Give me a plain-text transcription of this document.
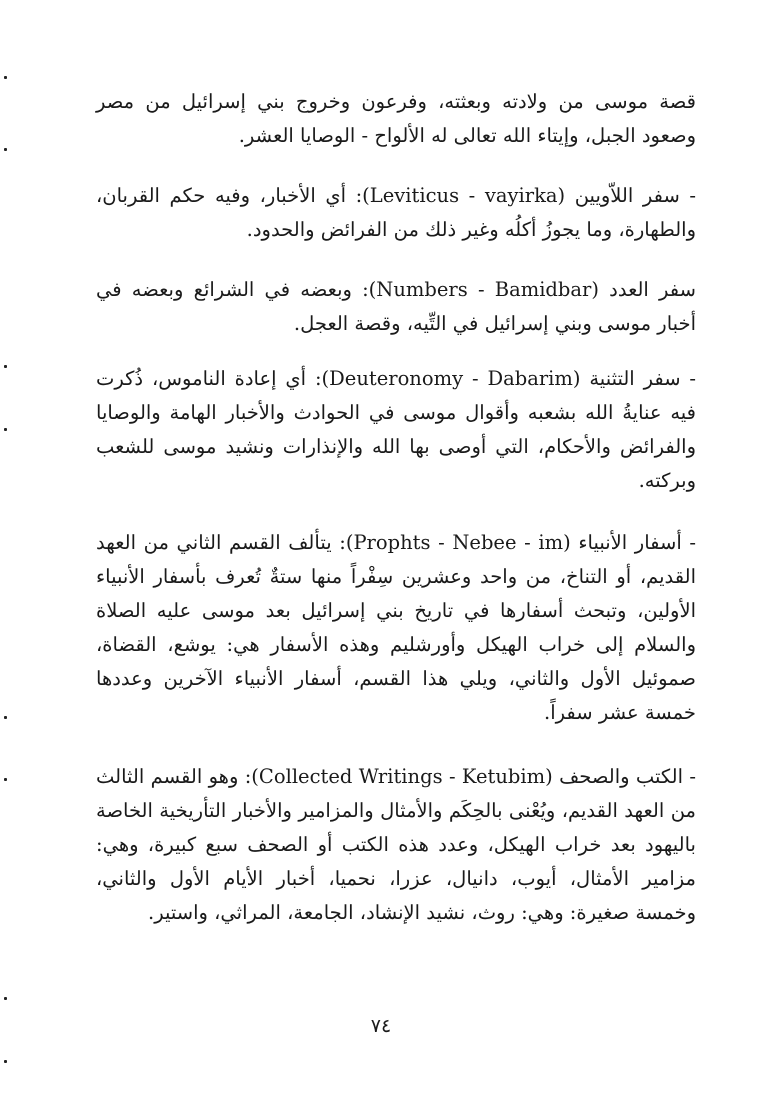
قصة موسى من ولادته وبعثته، وفرعون وخروج بني إسرائيل من مصر وصعود الجبل، وإيتاء الله تعالى له الألواح - الوصايا العشر.

- سفر اللاّويين (Leviticus - vayirka): أي الأخبار، وفيه حكم القربان، والطهارة، وما يجوزُ أكلُه وغير ذلك من الفرائض والحدود.

سفر العدد (Numbers - Bamidbar): وبعضه في الشرائع وبعضه في أخبار موسى وبني إسرائيل في التِّيه، وقصة العجل.

- سفر التثنية (Deuteronomy - Dabarim): أي إعادة الناموس، ذُكرت فيه عنايةُ الله بشعبه وأقوال موسى في الحوادث والأخبار الهامة والوصايا والفرائض والأحكام، التي أوصى بها الله والإنذارات ونشيد موسى للشعب وبركته.

- أسفار الأنبياء (Prophts - Nebee - im): يتألف القسم الثاني من العهد القديم، أو التناخ، من واحد وعشرين سِفْراً منها ستةٌ تُعرف بأسفار الأنبياء الأولين، وتبحث أسفارها في تاريخ بني إسرائيل بعد موسى عليه الصلاة والسلام إلى خراب الهيكل وأورشليم وهذه الأسفار هي: يوشع، القضاة، صموئيل الأول والثاني، ويلي هذا القسم، أسفار الأنبياء الآخرين وعددها خمسة عشر سفراً.

- الكتب والصحف (Collected Writings - Ketubim): وهو القسم الثالث من العهد القديم، ويُعْنى بالحِكَم والأمثال والمزامير والأخبار التأريخية الخاصة باليهود بعد خراب الهيكل، وعدد هذه الكتب أو الصحف سبع كبيرة، وهي: مزامير الأمثال، أيوب، دانيال، عزرا، نحميا، أخبار الأيام الأول والثاني، وخمسة صغيرة: وهي: روث، نشيد الإنشاد، الجامعة، المراثي، واستير.

٧٤
